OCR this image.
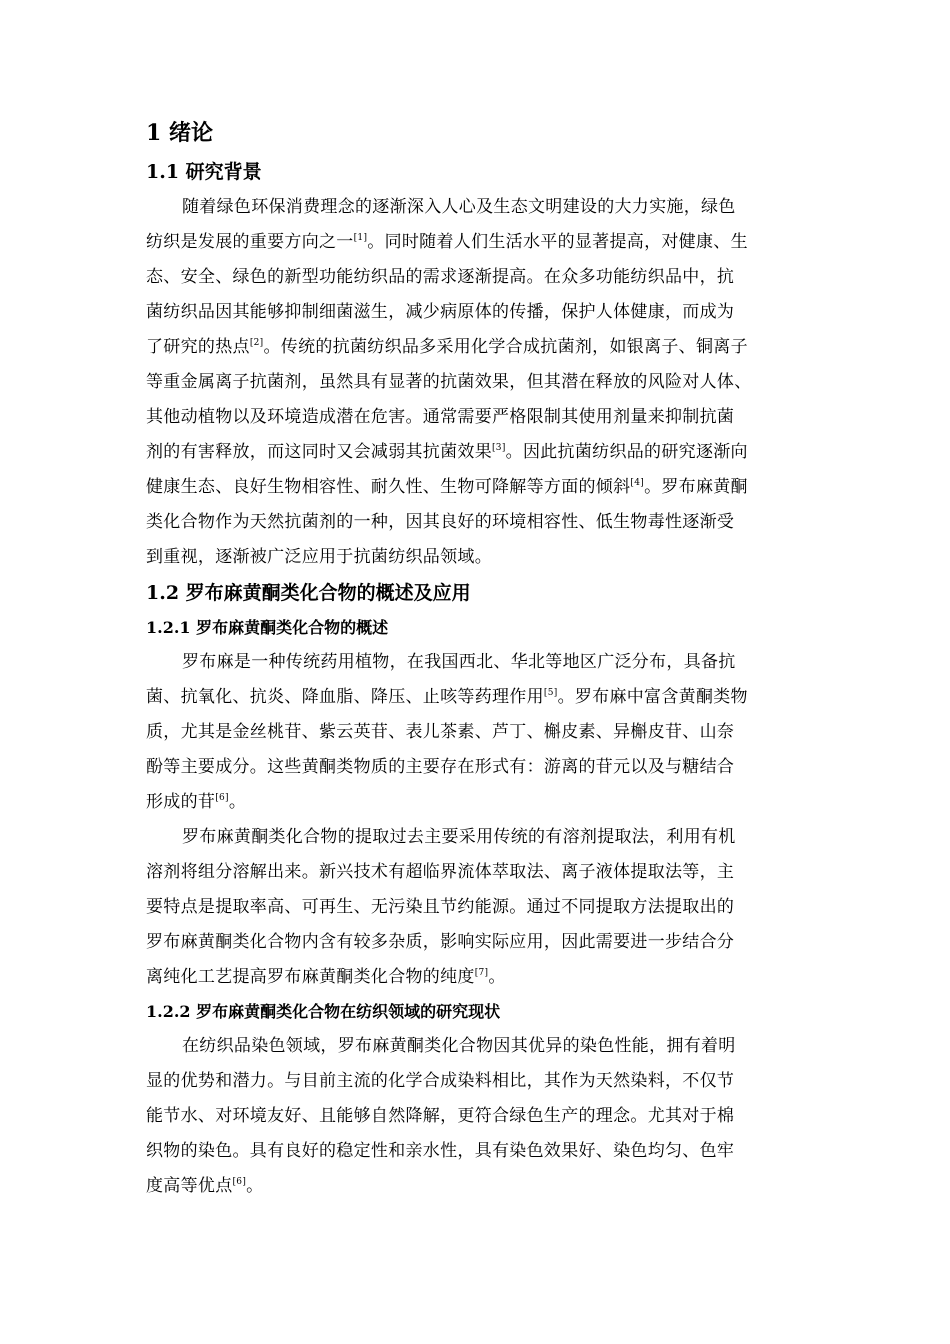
1 绪论
1.1 研究背景

随着绿色环保消费理念的逐渐深入人心及生态文明建设的大力实施，绿色

纺织是发展的重要方向之一[1]。同时随着人们生活水平的显著提高，对健康、生

态、安全、绿色的新型功能纺织品的需求逐渐提高。在众多功能纺织品中，抗

菌纺织品因其能够抑制细菌滋生，减少病原体的传播，保护人体健康，而成为

了研究的热点[2]。传统的抗菌纺织品多采用化学合成抗菌剂，如银离子、铜离子

等重金属离子抗菌剂，虽然具有显著的抗菌效果，但其潜在释放的风险对人体、

其他动植物以及环境造成潜在危害。通常需要严格限制其使用剂量来抑制抗菌

剂的有害释放，而这同时又会减弱其抗菌效果[3]。因此抗菌纺织品的研究逐渐向

健康生态、良好生物相容性、耐久性、生物可降解等方面的倾斜[4]。罗布麻黄酮

类化合物作为天然抗菌剂的一种，因其良好的环境相容性、低生物毒性逐渐受

到重视，逐渐被广泛应用于抗菌纺织品领域。

1.2 罗布麻黄酮类化合物的概述及应用
1.2.1 罗布麻黄酮类化合物的概述

罗布麻是一种传统药用植物，在我国西北、华北等地区广泛分布，具备抗

菌、抗氧化、抗炎、降血脂、降压、止咳等药理作用[5]。罗布麻中富含黄酮类物

质，尤其是金丝桃苷、紫云英苷、表儿茶素、芦丁、槲皮素、异槲皮苷、山奈

酚等主要成分。这些黄酮类物质的主要存在形式有：游离的苷元以及与糖结合

形成的苷[6]。

罗布麻黄酮类化合物的提取过去主要采用传统的有溶剂提取法，利用有机

溶剂将组分溶解出来。新兴技术有超临界流体萃取法、离子液体提取法等，主

要特点是提取率高、可再生、无污染且节约能源。通过不同提取方法提取出的

罗布麻黄酮类化合物内含有较多杂质，影响实际应用，因此需要进一步结合分

离纯化工艺提高罗布麻黄酮类化合物的纯度[7]。

1.2.2 罗布麻黄酮类化合物在纺织领域的研究现状

在纺织品染色领域，罗布麻黄酮类化合物因其优异的染色性能，拥有着明

显的优势和潜力。与目前主流的化学合成染料相比，其作为天然染料，不仅节

能节水、对环境友好、且能够自然降解，更符合绿色生产的理念。尤其对于棉

织物的染色。具有良好的稳定性和亲水性，具有染色效果好、染色均匀、色牢

度高等优点[6]。
